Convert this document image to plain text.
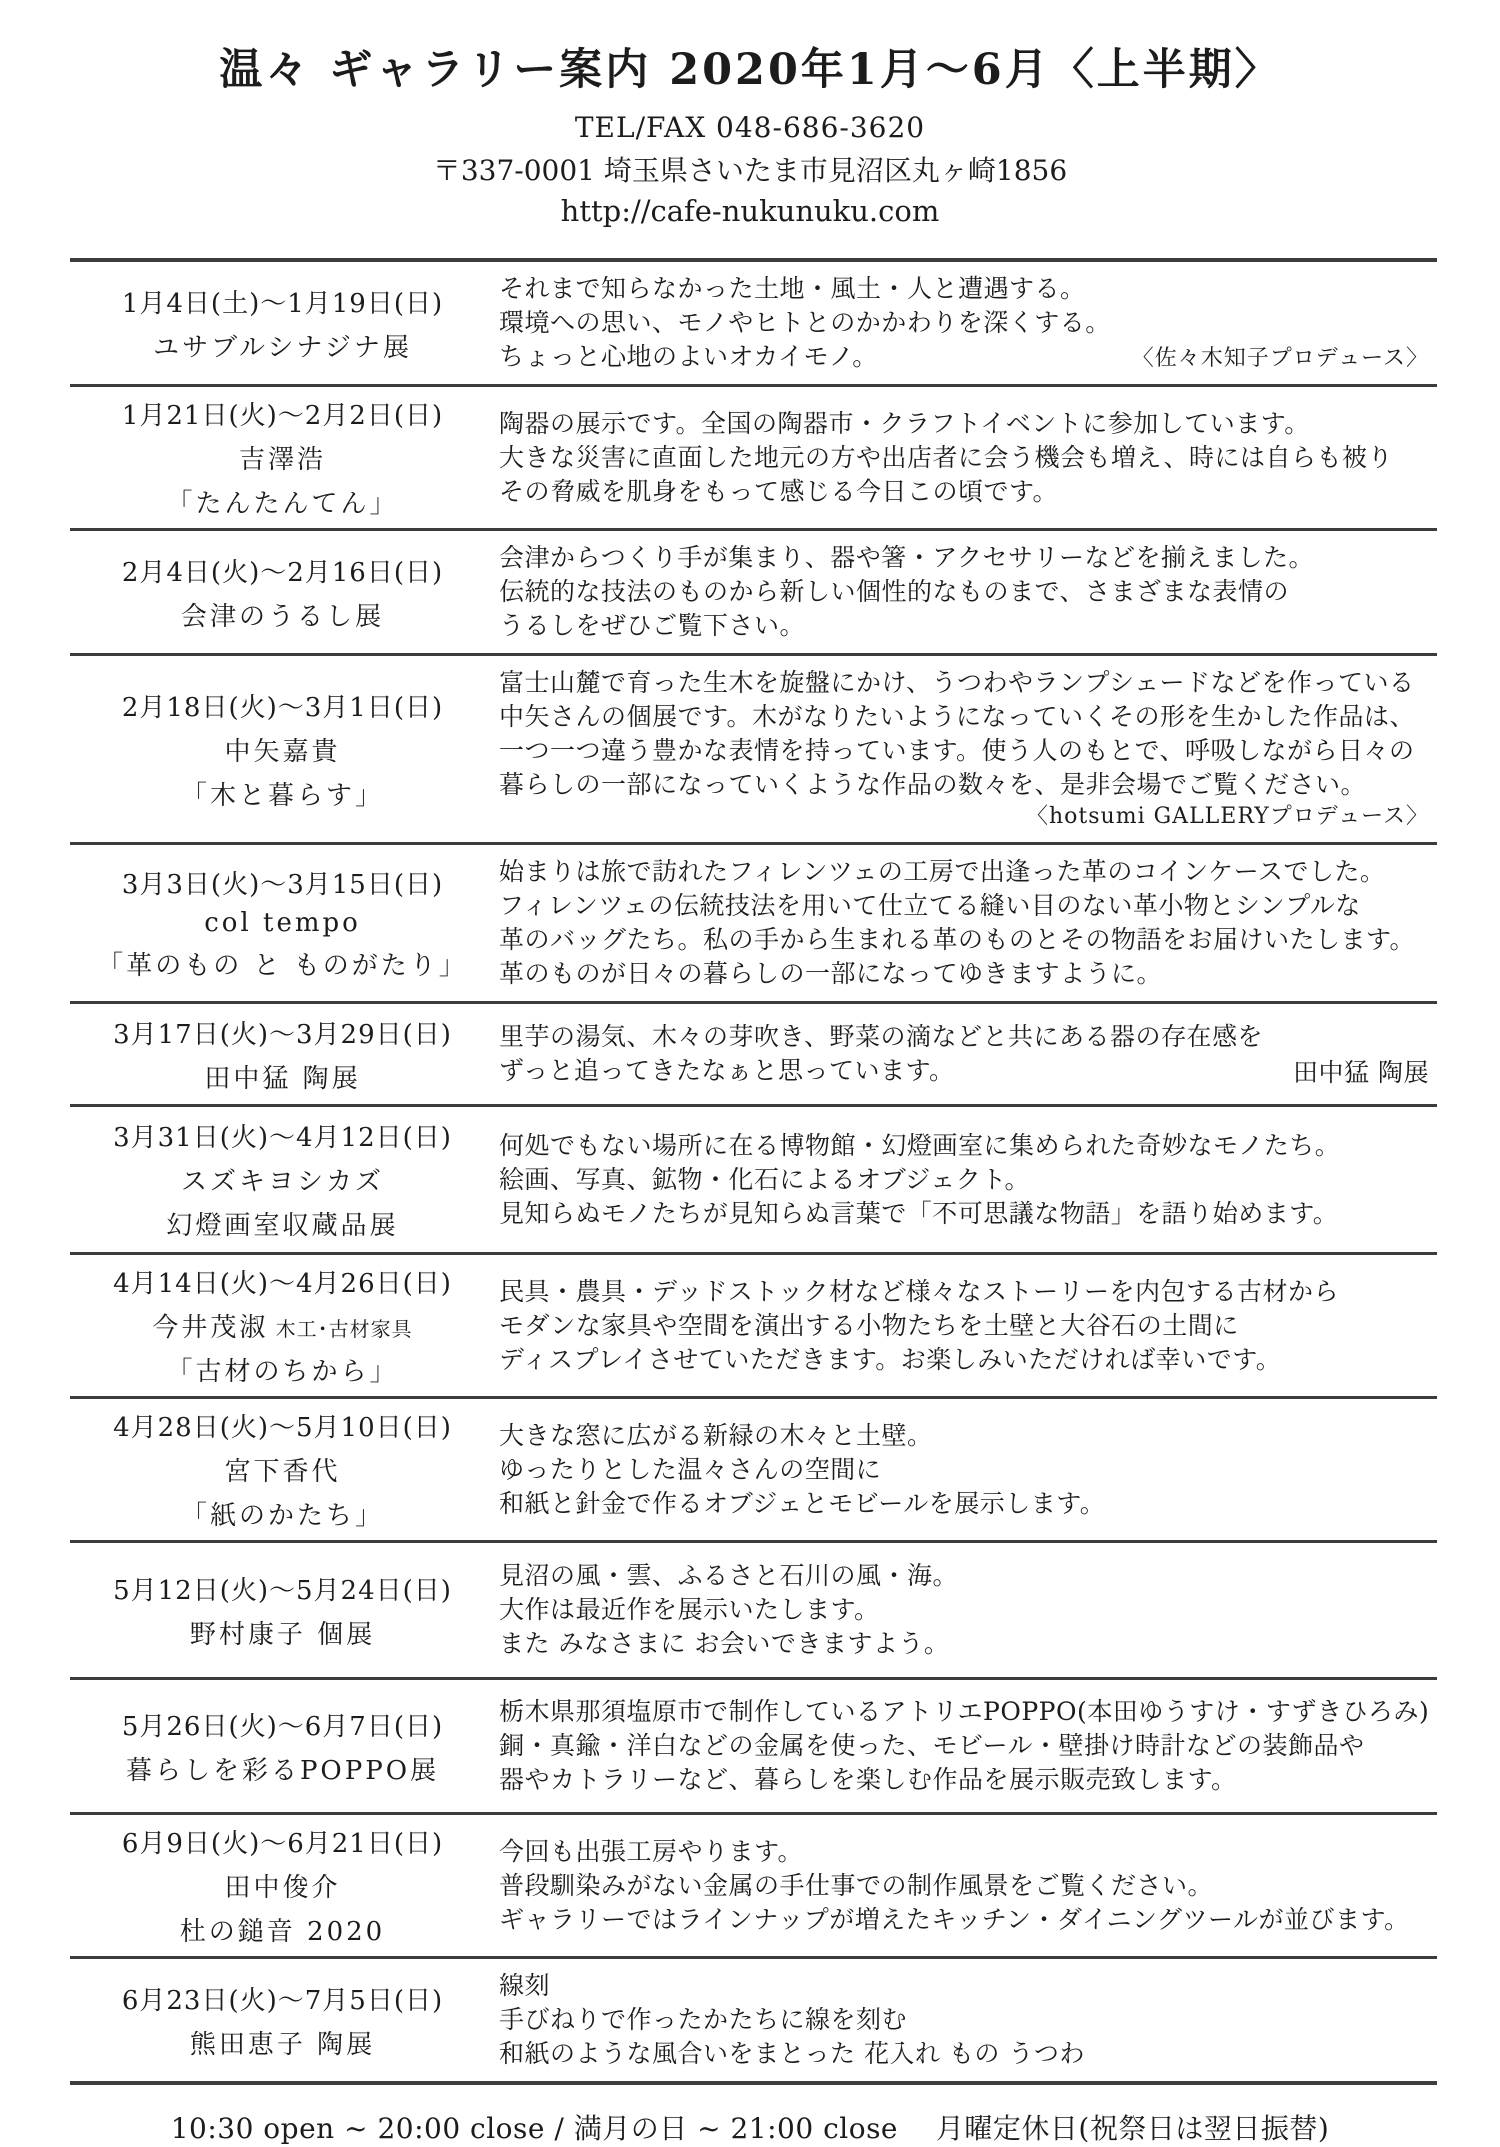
温々 ギャラリー案内 2020年1月～6月〈上半期〉
TEL/FAX 048-686-3620
〒337-0001 埼玉県さいたま市見沼区丸ヶ崎1856
http://cafe-nukunuku.com
1月4日(土)～1月19日(日)
ユサブルシナジナ展
それまで知らなかった土地・風土・人と遭遇する。
環境への思い、モノやヒトとのかかわりを深くする。
ちょっと心地のよいオカイモノ。	〈佐々木知子プロデュース〉
1月21日(火)～2月2日(日)
吉澤浩
「たんたんてん」
陶器の展示です。全国の陶器市・クラフトイベントに参加しています。
大きな災害に直面した地元の方や出店者に会う機会も増え、時には自らも被り
その脅威を肌身をもって感じる今日この頃です。
2月4日(火)～2月16日(日)
会津のうるし展
会津からつくり手が集まり、器や箸・アクセサリーなどを揃えました。
伝統的な技法のものから新しい個性的なものまで、さまざまな表情の
うるしをぜひご覧下さい。
2月18日(火)～3月1日(日)
中矢嘉貴
「木と暮らす」
富士山麓で育った生木を旋盤にかけ、うつわやランプシェードなどを作っている
中矢さんの個展です。木がなりたいようになっていくその形を生かした作品は、
一つ一つ違う豊かな表情を持っています。使う人のもとで、呼吸しながら日々の
暮らしの一部になっていくような作品の数々を、是非会場でご覧ください。
〈hotsumi GALLERYプロデュース〉
3月3日(火)～3月15日(日)
col tempo
「革のもの と ものがたり」
始まりは旅で訪れたフィレンツェの工房で出逢った革のコインケースでした。
フィレンツェの伝統技法を用いて仕立てる縫い目のない革小物とシンプルな
革のバッグたち。私の手から生まれる革のものとその物語をお届けいたします。
革のものが日々の暮らしの一部になってゆきますように。
3月17日(火)～3月29日(日)
田中猛 陶展
里芋の湯気、木々の芽吹き、野菜の滴などと共にある器の存在感を
ずっと追ってきたなぁと思っています。	田中猛 陶展
3月31日(火)～4月12日(日)
スズキヨシカズ
幻燈画室収蔵品展
何処でもない場所に在る博物館・幻燈画室に集められた奇妙なモノたち。
絵画、写真、鉱物・化石によるオブジェクト。
見知らぬモノたちが見知らぬ言葉で「不可思議な物語」を語り始めます。
4月14日(火)～4月26日(日)
今井茂淑 木工･古材家具
「古材のちから」
民具・農具・デッドストック材など様々なストーリーを内包する古材から
モダンな家具や空間を演出する小物たちを土壁と大谷石の土間に
ディスプレイさせていただきます。お楽しみいただければ幸いです。
4月28日(火)～5月10日(日)
宮下香代
「紙のかたち」
大きな窓に広がる新緑の木々と土壁。
ゆったりとした温々さんの空間に
和紙と針金で作るオブジェとモビールを展示します。
5月12日(火)～5月24日(日)
野村康子 個展
見沼の風・雲、ふるさと石川の風・海。
大作は最近作を展示いたします。
また みなさまに お会いできますよう。
5月26日(火)～6月7日(日)
暮らしを彩るPOPPO展
栃木県那須塩原市で制作しているアトリエPOPPO(本田ゆうすけ・すずきひろみ)
銅・真鍮・洋白などの金属を使った、モビール・壁掛け時計などの装飾品や
器やカトラリーなど、暮らしを楽しむ作品を展示販売致します。
6月9日(火)～6月21日(日)
田中俊介
杜の鎚音 2020
今回も出張工房やります。
普段馴染みがない金属の手仕事での制作風景をご覧ください。
ギャラリーではラインナップが増えたキッチン・ダイニングツールが並びます。
6月23日(火)～7月5日(日)
熊田恵子 陶展
線刻
手びねりで作ったかたちに線を刻む
和紙のような風合いをまとった 花入れ もの うつわ
10:30 open ~ 20:00 close / 満月の日 ~ 21:00 close　 月曜定休日(祝祭日は翌日振替)
